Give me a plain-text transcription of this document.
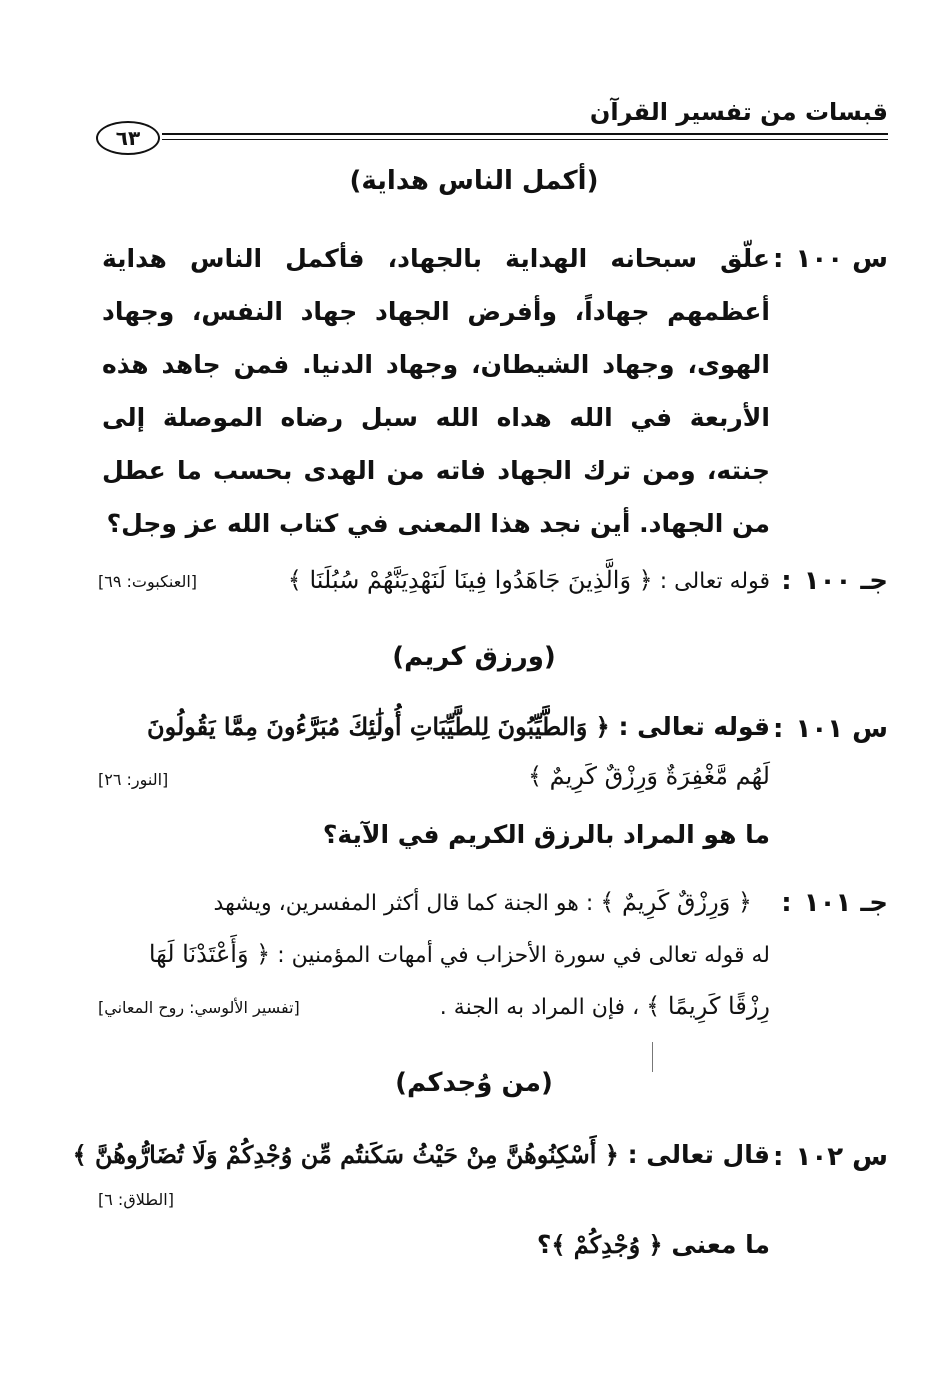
قبسات من تفسير القرآن
٦٣
(أكمل الناس هداية)
س ١٠٠:
علّق سبحانه الهداية بالجهاد، فأكمل الناس هداية أعظمهم جهاداً، وأفرض الجهاد جهاد النفس، وجهاد الهوى، وجهاد الشيطان، وجهاد الدنيا. فمن جاهد هذه الأربعة في الله هداه الله سبل رضاه الموصلة إلى جنته، ومن ترك الجهاد فاته من الهدى بحسب ما عطل من الجهاد. أين نجد هذا المعنى في كتاب الله عز وجل؟
جـ ١٠٠:
قوله تعالى : ﴿ وَالَّذِينَ جَاهَدُوا فِينَا لَنَهْدِيَنَّهُمْ سُبُلَنَا ﴾
[العنكبوت: ٦٩]
(ورزق كريم)
س ١٠١:
قوله تعالى : ﴿ وَالطَّيِّبُونَ لِلطَّيِّبَاتِ أُولَٰئِكَ مُبَرَّءُونَ مِمَّا يَقُولُونَ
لَهُم مَّغْفِرَةٌ وَرِزْقٌ كَرِيمٌ ﴾
[النور: ٢٦]
ما هو المراد بالرزق الكريم في الآية؟
جـ ١٠١:
﴿ وَرِزْقٌ كَرِيمٌ ﴾ : هو الجنة كما قال أكثر المفسرين، ويشهد
له قوله تعالى في سورة الأحزاب في أمهات المؤمنين : ﴿ وَأَعْتَدْنَا لَهَا
رِزْقًا كَرِيمًا ﴾ ، فإن المراد به الجنة .
[تفسير الألوسي: روح المعاني]
(من وُجدكم)
س ١٠٢:
قال تعالى : ﴿ أَسْكِنُوهُنَّ مِنْ حَيْثُ سَكَنتُم مِّن وُجْدِكُمْ وَلَا تُضَارُّوهُنَّ ﴾
[الطلاق: ٦]
ما معنى ﴿ وُجْدِكُمْ ﴾؟
